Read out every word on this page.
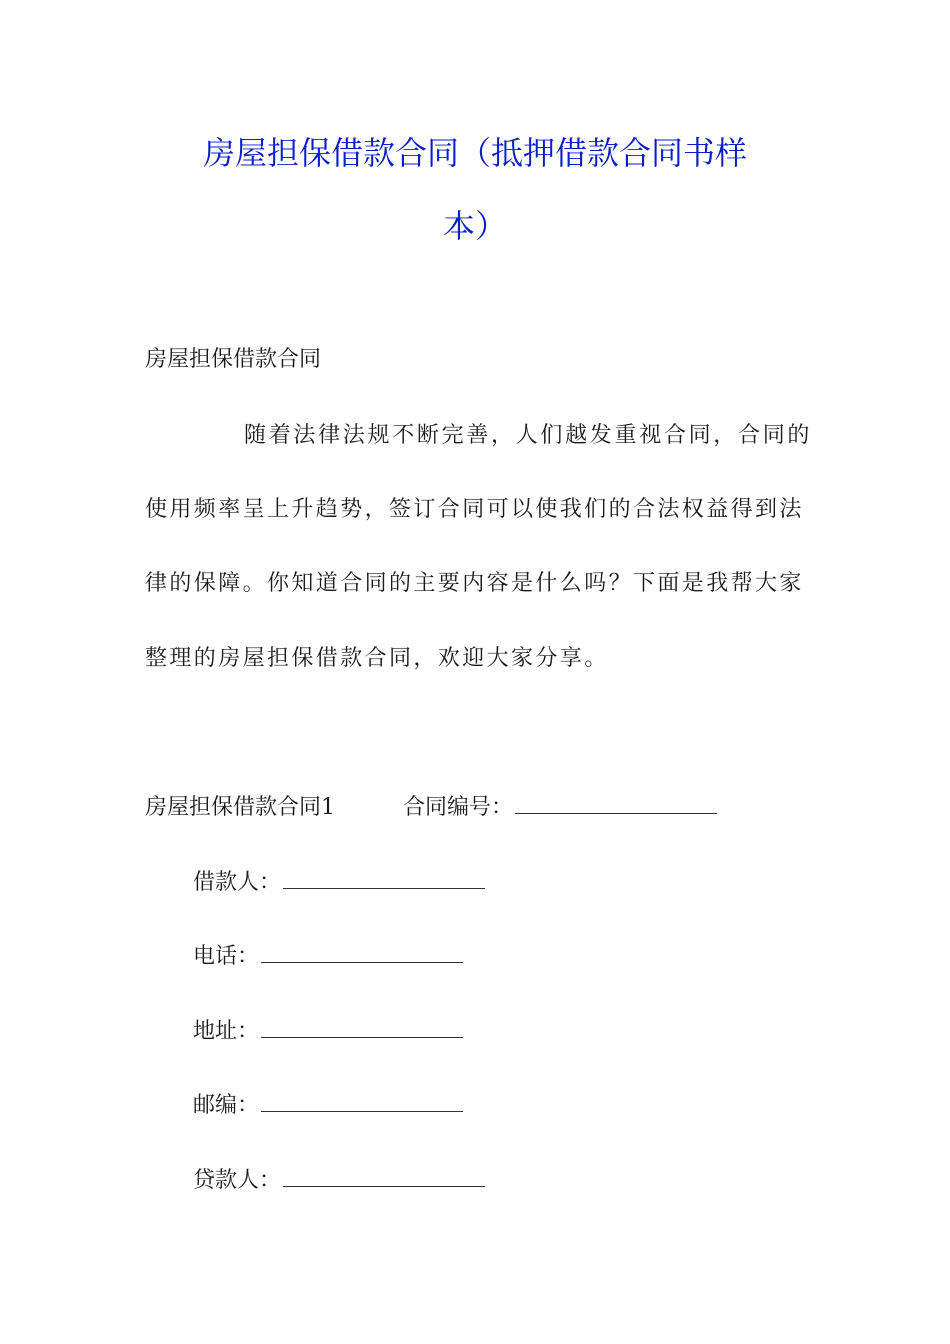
房屋担保借款合同（抵押借款合同书样
本）
房屋担保借款合同
随着法律法规不断完善，人们越发重视合同，合同的
使用频率呈上升趋势，签订合同可以使我们的合法权益得到法
律的保障。你知道合同的主要内容是什么吗？下面是我帮大家
整理的房屋担保借款合同，欢迎大家分享。
房屋担保借款合同1	合同编号：
借款人：
电话：
地址：
邮编：
贷款人：
